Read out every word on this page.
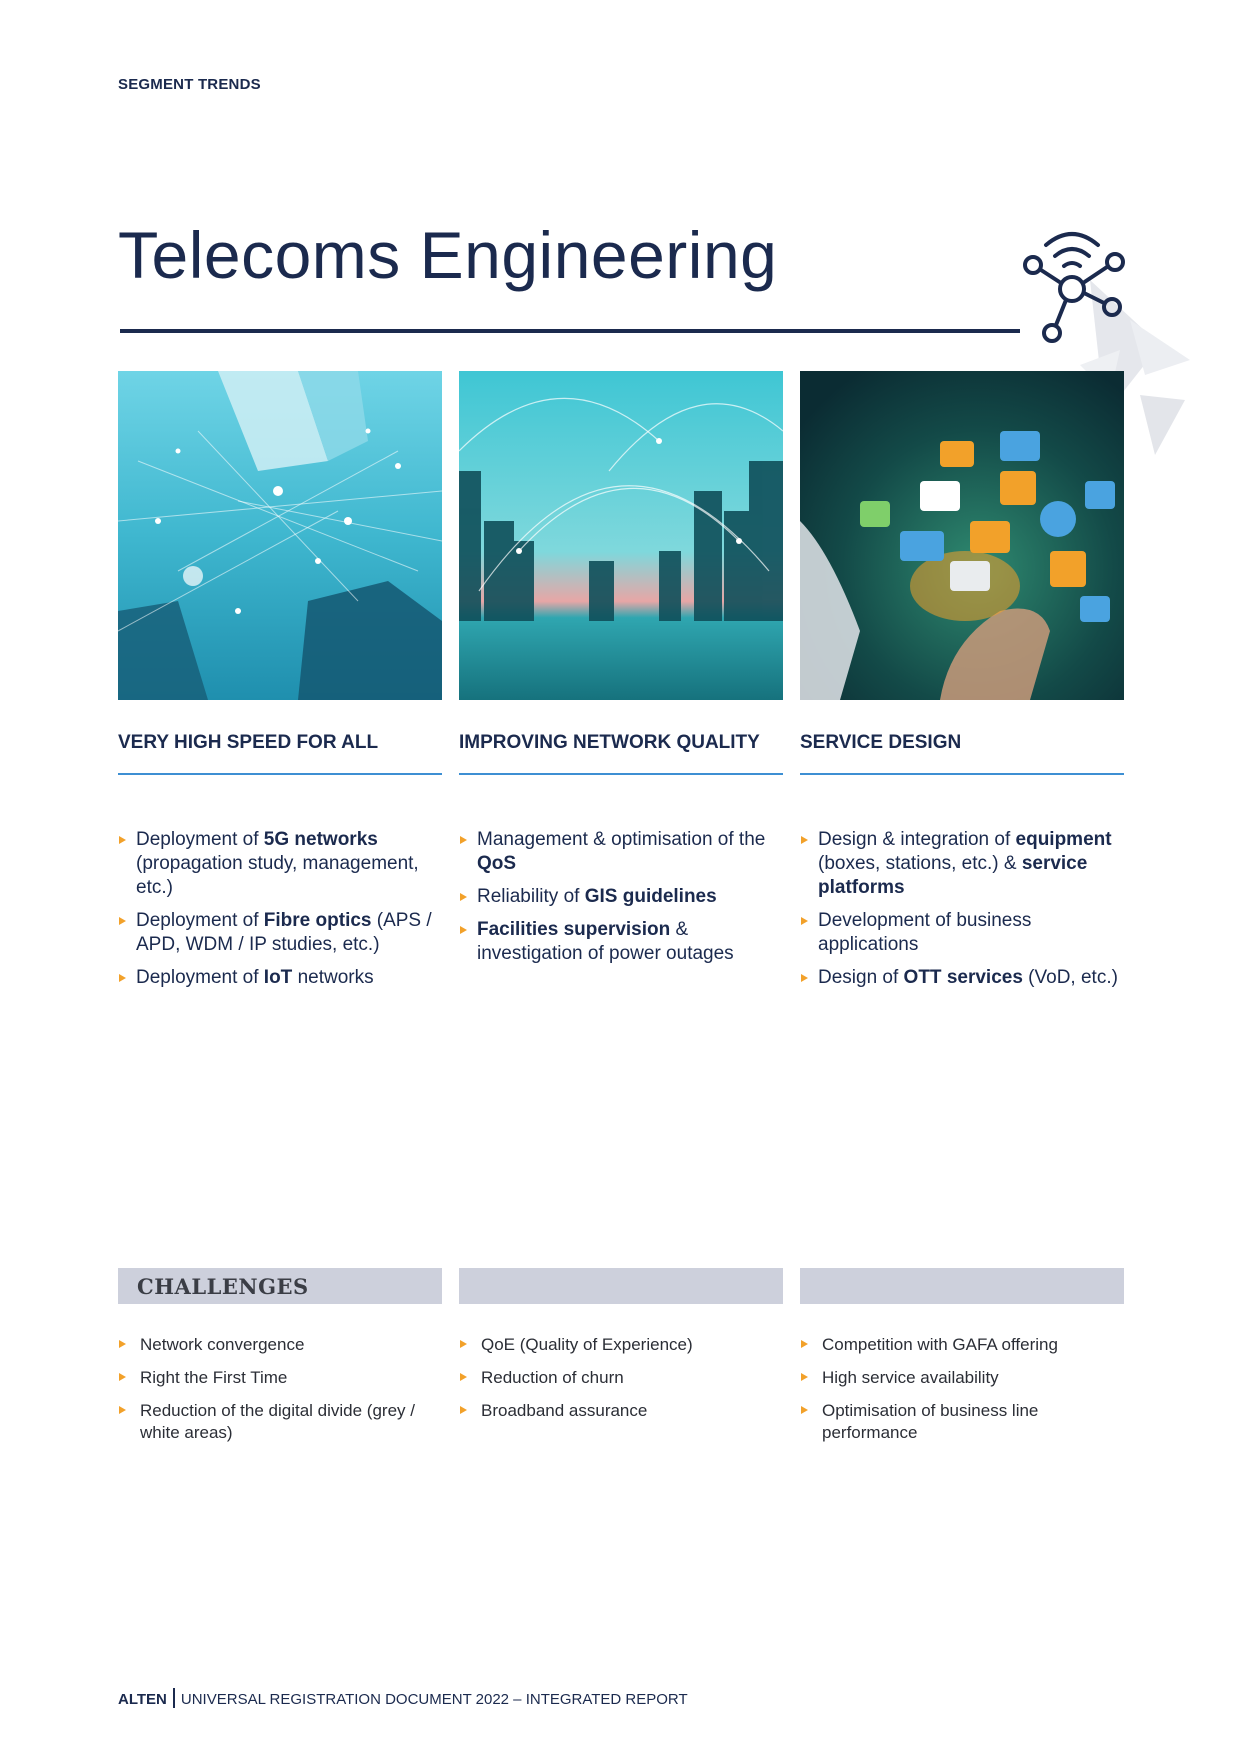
SEGMENT TRENDS
Telecoms Engineering
VERY HIGH SPEED FOR ALL	IMPROVING NETWORK QUALITY SERVICE DESIGN
Deployment of 5G networks (propagation study, management, etc.)
Deployment of Fibre optics (APS / APD, WDM / IP studies, etc.)
Deployment of IoT networks
Management & optimisation of the QoS
Reliability of GIS guidelines
Facilities supervision & investigation of power outages
Design & integration of equipment (boxes, stations, etc.) & service platforms
Development of business applications
Design of OTT services (VoD, etc.)
CHALLENGES
Network convergence
Right the First Time
Reduction of the digital divide (grey / white areas)
QoE (Quality of Experience)
Reduction of churn
Broadband assurance
Competition with GAFA offering
High service availability
Optimisation of business line performance
ALTEN UNIVERSAL REGISTRATION DOCUMENT 2022 – INTEGRATED REPORT
